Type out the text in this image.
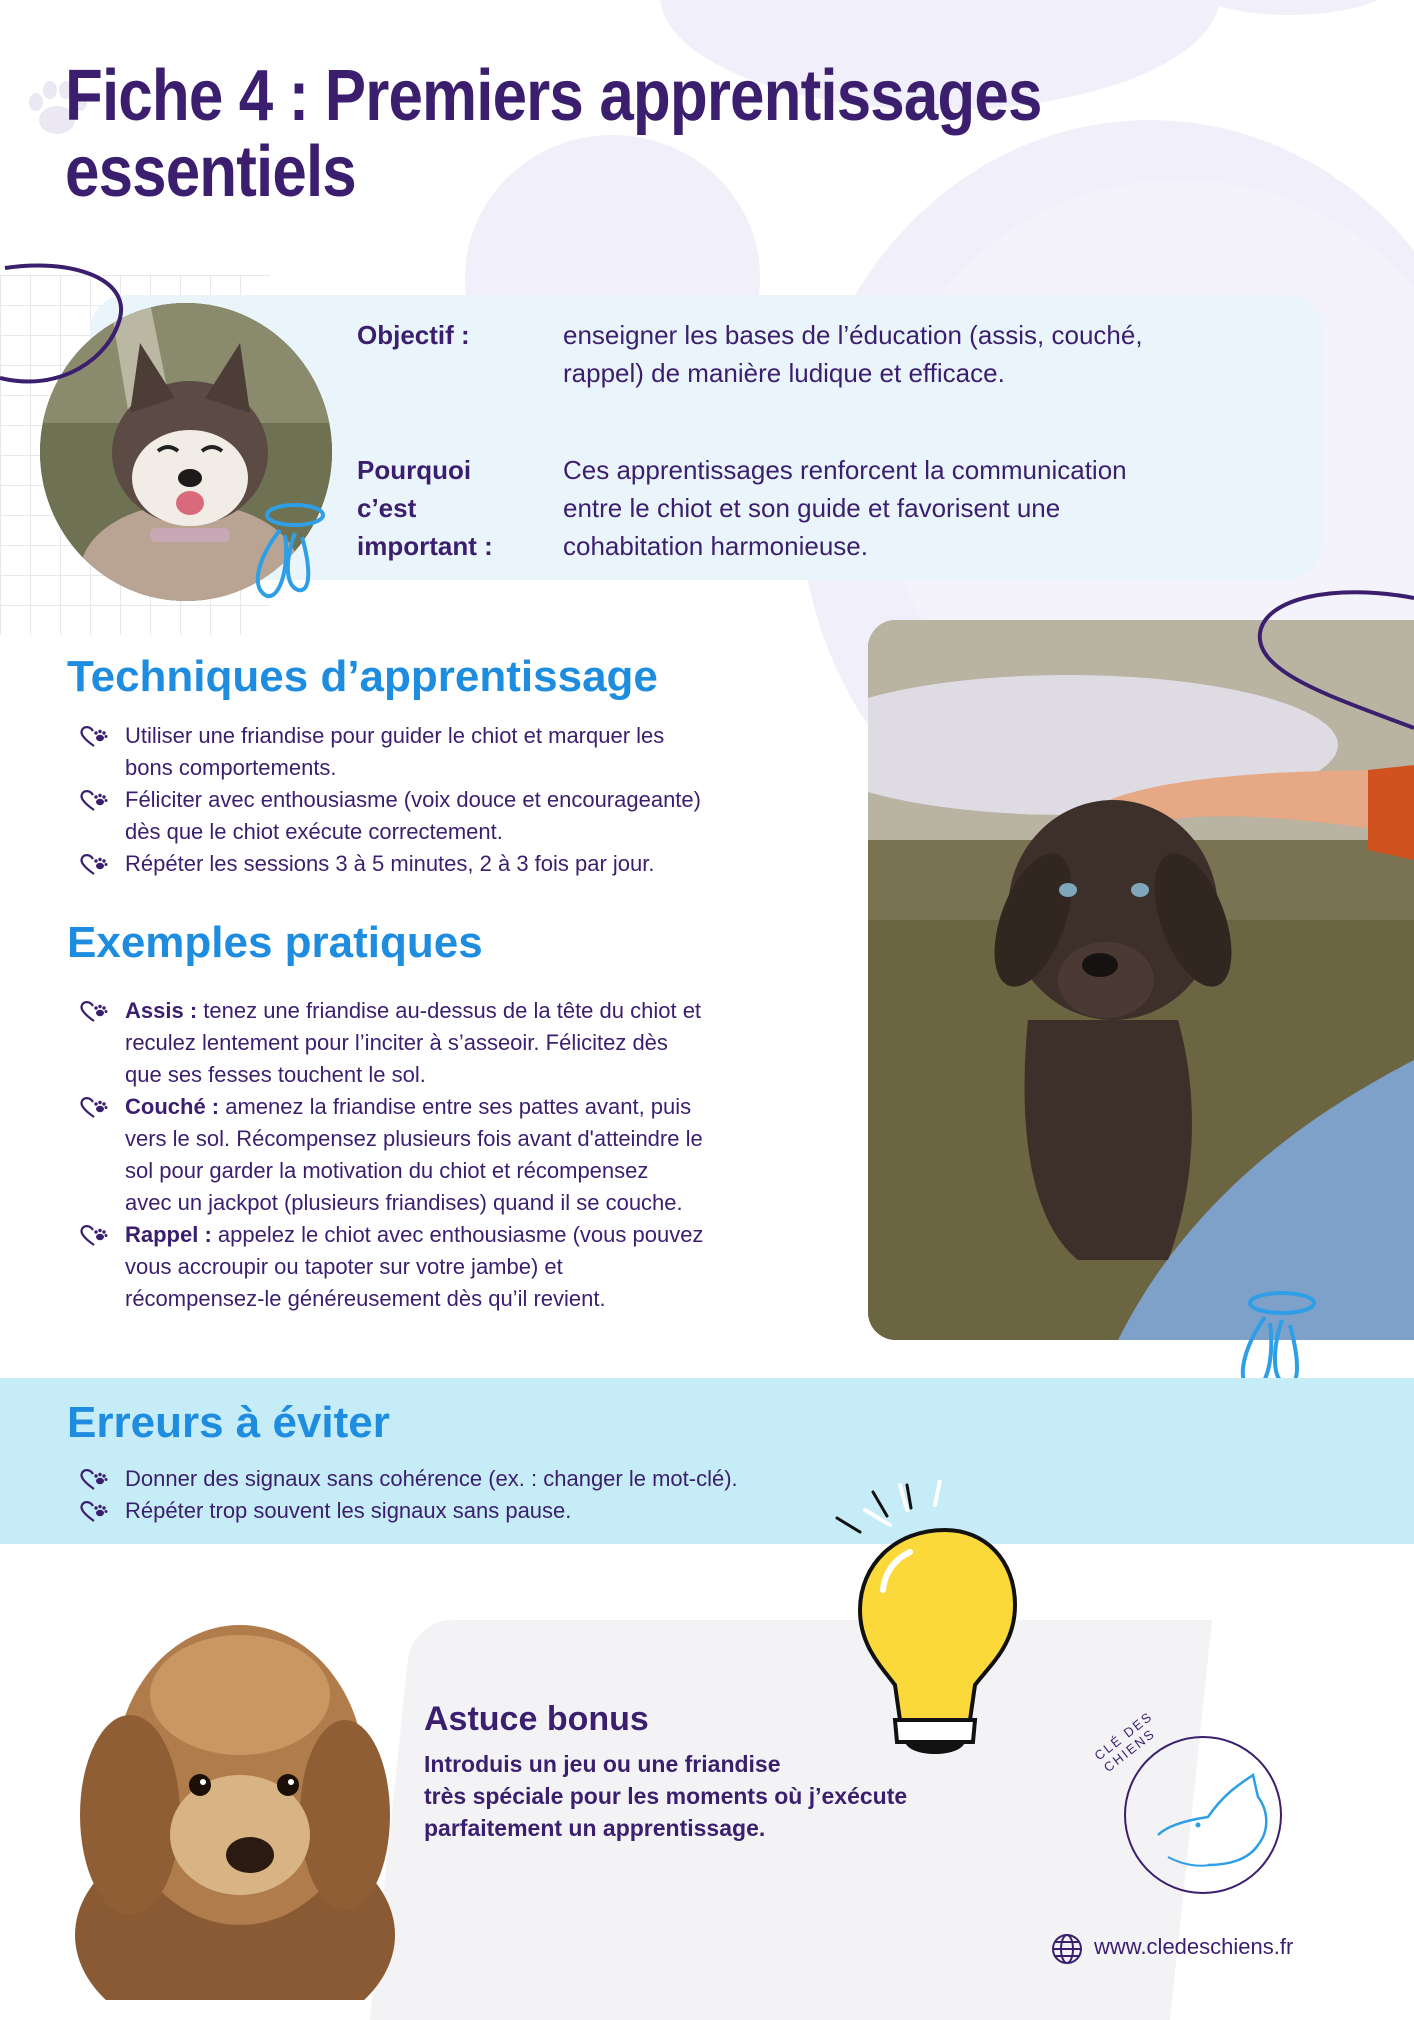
Fiche 4 : Premiers apprentissages
essentiels
Objectif :	enseigner les bases de l’éducation (assis, couché,
rappel) de manière ludique et efficace.
Pourquoi
c’est
important :
Ces apprentissages renforcent la communication
entre le chiot et son guide et favorisent une
cohabitation harmonieuse.
Techniques d’apprentissage
Utiliser une friandise pour guider le chiot et marquer les
bons comportements.
Féliciter avec enthousiasme (voix douce et encourageante)
dès que le chiot exécute correctement.
Répéter les sessions 3 à 5 minutes, 2 à 3 fois par jour.
Exemples pratiques
Assis : tenez une friandise au-dessus de la tête du chiot et
reculez lentement pour l’inciter à s’asseoir. Félicitez dès
que ses fesses touchent le sol.
Couché : amenez la friandise entre ses pattes avant, puis
vers le sol. Récompensez plusieurs fois avant d'atteindre le
sol pour garder la motivation du chiot et récompensez
avec un jackpot (plusieurs friandises) quand il se couche.
Rappel : appelez le chiot avec enthousiasme (vous pouvez
vous accroupir ou tapoter sur votre jambe) et
récompensez-le généreusement dès qu’il revient.
Erreurs à éviter
Donner des signaux sans cohérence (ex. : changer le mot-clé).
Répéter trop souvent les signaux sans pause.
Astuce bonus
Introduis un jeu ou une friandise
très spéciale pour les moments où j’exécute
parfaitement un apprentissage.
CLÉ DES CHIENS
www.cledeschiens.fr
